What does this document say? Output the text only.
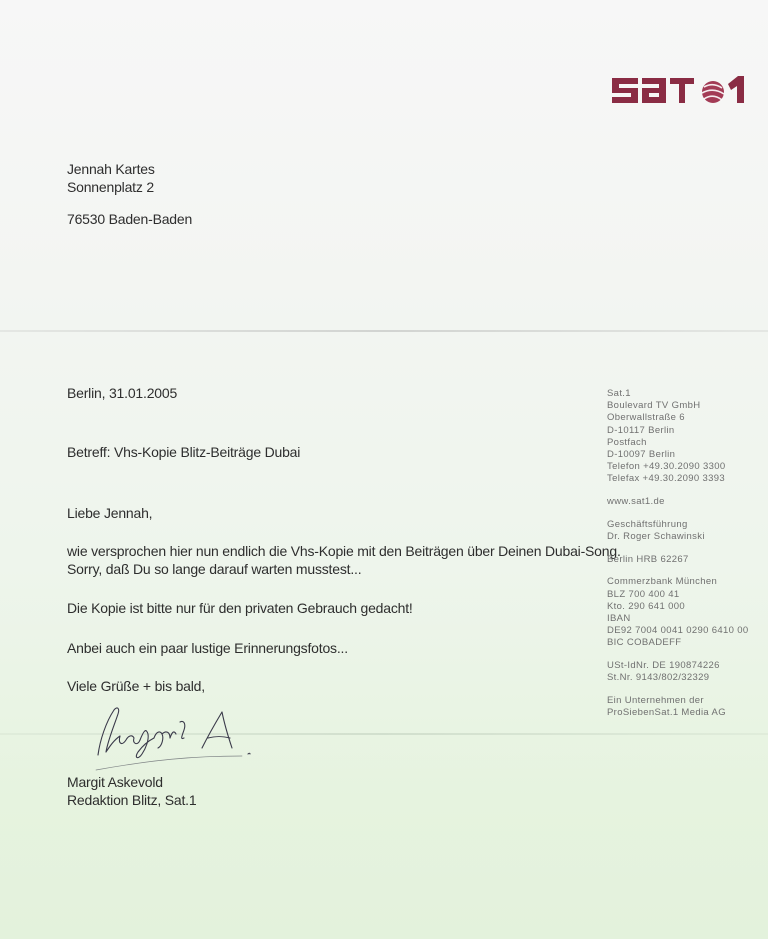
Jennah Kartes
Sonnenplatz 2
76530 Baden-Baden
Berlin, 31.01.2005
Betreff: Vhs-Kopie Blitz-Beiträge Dubai
Liebe Jennah,
wie versprochen hier nun endlich die Vhs-Kopie mit den Beiträgen über Deinen Dubai-Song.
Sorry, daß Du so lange darauf warten musstest...
Die Kopie ist bitte nur für den privaten Gebrauch gedacht!
Anbei auch ein paar lustige Erinnerungsfotos...
Viele Grüße + bis bald,
Margit Askevold
Redaktion Blitz, Sat.1
Sat.1
Boulevard TV GmbH
Oberwallstraße 6
D-10117 Berlin
Postfach
D-10097 Berlin
Telefon +49.30.2090 3300
Telefax +49.30.2090 3393
www.sat1.de
Geschäftsführung
Dr. Roger Schawinski
Berlin HRB 62267
Commerzbank München
BLZ 700 400 41
Kto. 290 641 000
IBAN
DE92 7004 0041 0290 6410 00
BIC COBADEFF
USt-IdNr. DE 190874226
St.Nr. 9143/802/32329
Ein Unternehmen der
ProSiebenSat.1 Media AG
